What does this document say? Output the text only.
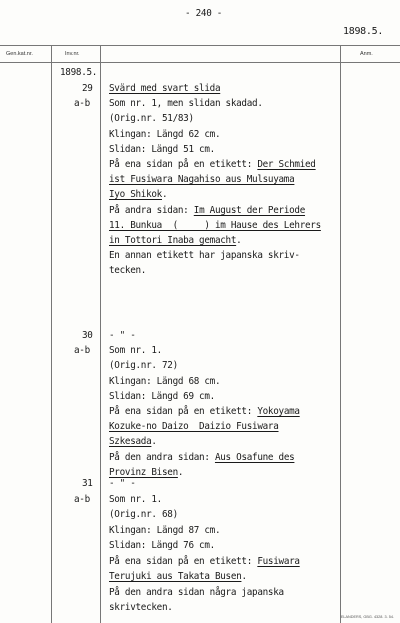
- 240 -
1898.5.
Gen.kat.nr.	Inv.nr.	Anm.
1898.5.
29
a-b
Svärd med svart slida
Som nr. 1, men slidan skadad.
(Orig.nr. 51/83)
Klingan: Längd 62 cm.
Slidan: Längd 51 cm.
På ena sidan på en etikett: Der Schmied
ist Fusiwara Nagahiso aus Mulsuyama
Iyo Shikok.
På andra sidan: Im August der Periode
11. Bunkua  (     ) im Hause des Lehrers
in Tottori Inaba gemacht.
En annan etikett har japanska skriv-
tecken.
30
a-b
- " -
Som nr. 1.
(Orig.nr. 72)
Klingan: Längd 68 cm.
Slidan: Längd 69 cm.
På ena sidan på en etikett: Yokoyama
Kozuke-no Daizo  Daizio Fusiwara
Szkesada.
På den andra sidan: Aus Osafune des
Provinz Bisen.
31
a-b
- " -
Som nr. 1.
(Orig.nr. 68)
Klingan: Längd 87 cm.
Slidan: Längd 76 cm.
På ena sidan på en etikett: Fusiwara
Terujuki aus Takata Busen.
På den andra sidan några japanska
skrivtecken.
ELANDERS, GBG. 4328. 3. 54.
